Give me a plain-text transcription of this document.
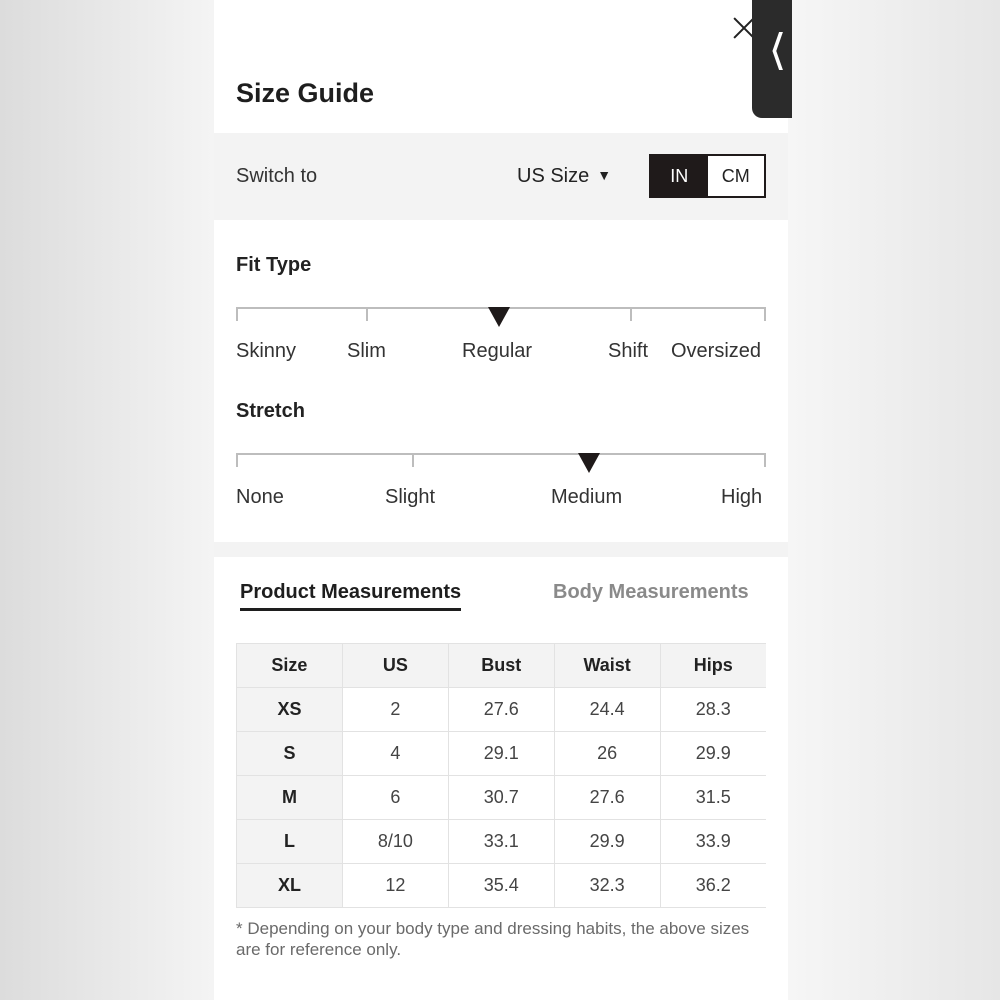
Size Guide
Switch to	US Size ▼	IN	CM
Fit Type
Skinny	Slim	Regular	Shift Oversized
Stretch
None	Slight	Medium	High
Product Measurements	Body Measurements
Size	US	Bust	Waist	Hips
XS	2	27.6	24.4	28.3
S	4	29.1	26	29.9
M	6	30.7	27.6	31.5
L	8/10	33.1	29.9	33.9
XL	12	35.4	32.3	36.2
* Depending on your body type and dressing habits, the above sizes are for reference only.
❬
